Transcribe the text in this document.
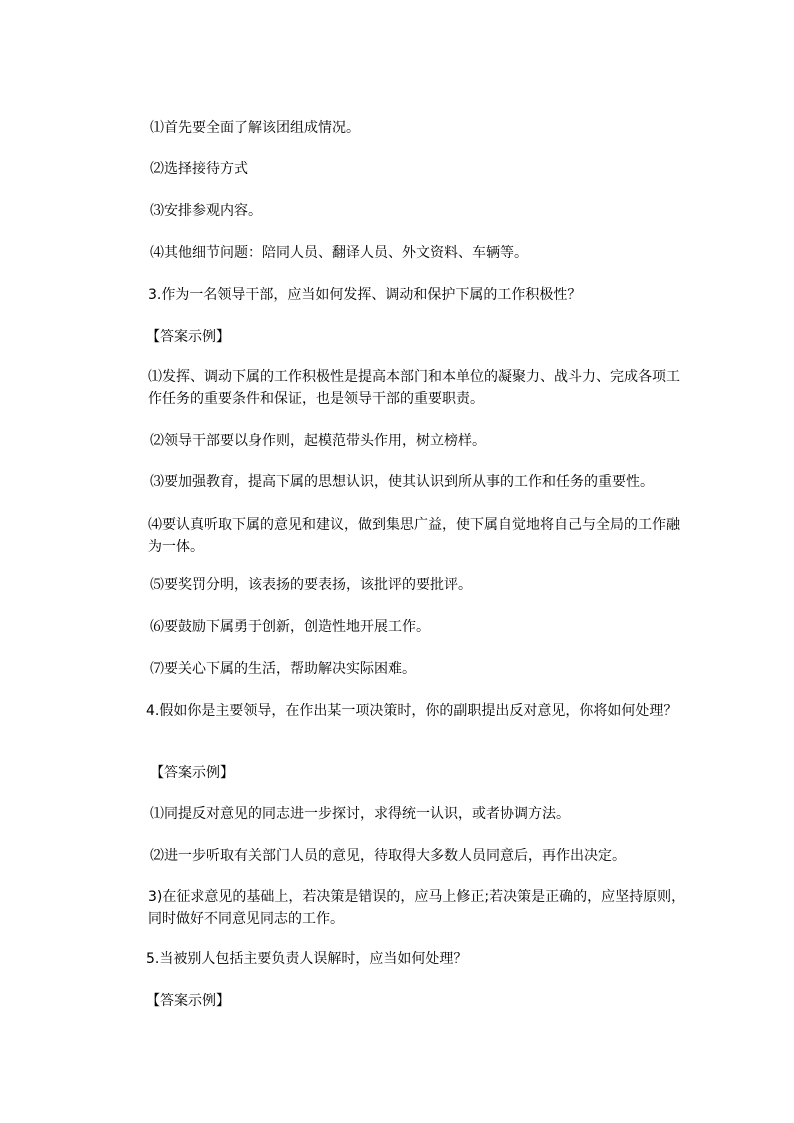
⑴首先要全面了解该团组成情况。
⑵选择接待方式
⑶安排参观内容。
⑷其他细节问题：陪同人员、翻译人员、外文资料、车辆等。
3.作为一名领导干部，应当如何发挥、调动和保护下属的工作积极性？
【答案示例】
⑴发挥、调动下属的工作积极性是提高本部门和本单位的凝聚力、战斗力、完成各项工作任务的重要条件和保证，也是领导干部的重要职责。
⑵领导干部要以身作则，起模范带头作用，树立榜样。
⑶要加强教育，提高下属的思想认识，使其认识到所从事的工作和任务的重要性。
⑷要认真听取下属的意见和建议，做到集思广益，使下属自觉地将自己与全局的工作融为一体。
⑸要奖罚分明，该表扬的要表扬，该批评的要批评。
⑹要鼓励下属勇于创新，创造性地开展工作。
⑺要关心下属的生活，帮助解决实际困难。
4.假如你是主要领导，在作出某一项决策时，你的副职提出反对意见，你将如何处理？
【答案示例】
⑴同提反对意见的同志进一步探讨，求得统一认识，或者协调方法。
⑵进一步听取有关部门人员的意见，待取得大多数人员同意后，再作出决定。
3)在征求意见的基础上，若决策是错误的，应马上修正;若决策是正确的，应坚持原则，同时做好不同意见同志的工作。
5.当被别人包括主要负责人误解时，应当如何处理？
【答案示例】
